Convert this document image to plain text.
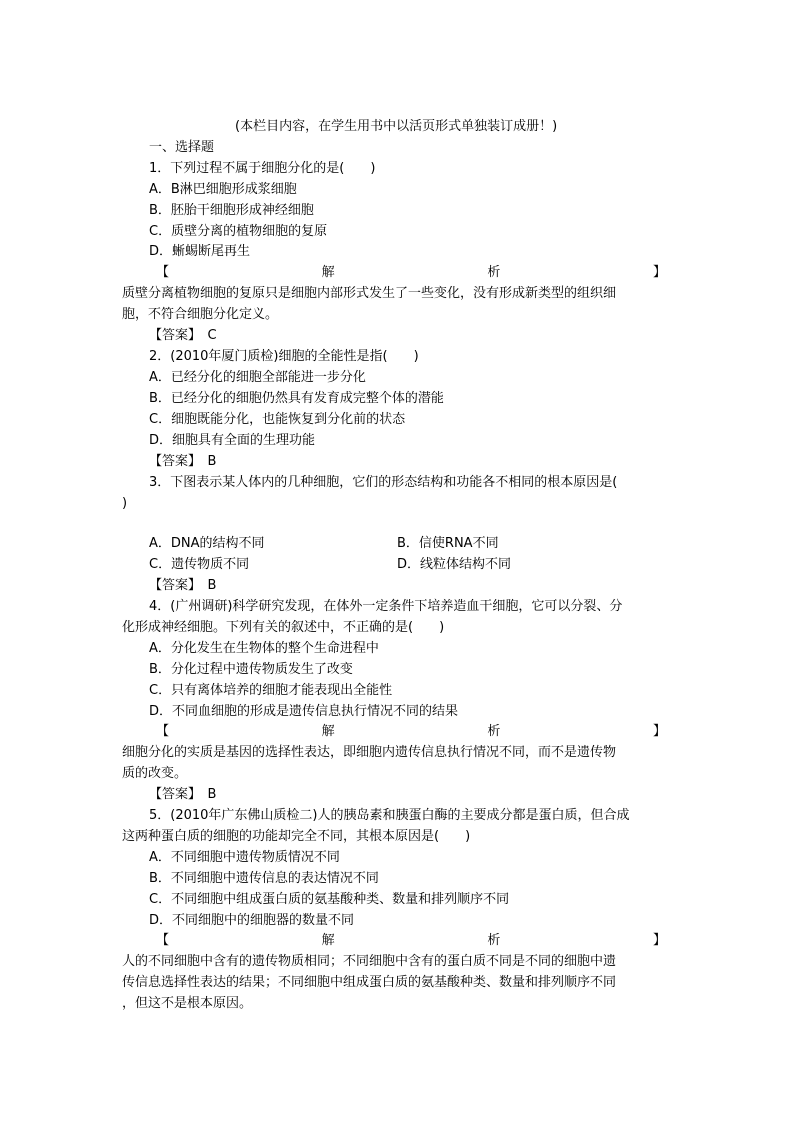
(本栏目内容，在学生用书中以活页形式单独装订成册！)
一、选择题
1．下列过程不属于细胞分化的是(　　)
A．B淋巴细胞形成浆细胞
B．胚胎干细胞形成神经细胞
C．质壁分离的植物细胞的复原
D．蜥蜴断尾再生
【	解	析	】
质壁分离植物细胞的复原只是细胞内部形式发生了一些变化，没有形成新类型的组织细
胞，不符合细胞分化定义。
【答案】　C
2．(2010年厦门质检)细胞的全能性是指(　　)
A．已经分化的细胞全部能进一步分化
B．已经分化的细胞仍然具有发育成完整个体的潜能
C．细胞既能分化，也能恢复到分化前的状态
D．细胞具有全面的生理功能
【答案】　B
3．下图表示某人体内的几种细胞，它们的形态结构和功能各不相同的根本原因是(
)
A．DNA的结构不同	B．信使RNA不同
C．遗传物质不同	D．线粒体结构不同
【答案】　B
4．(广州调研)科学研究发现，在体外一定条件下培养造血干细胞，它可以分裂、分
化形成神经细胞。下列有关的叙述中，不正确的是(　　)
A．分化发生在生物体的整个生命进程中
B．分化过程中遗传物质发生了改变
C．只有离体培养的细胞才能表现出全能性
D．不同血细胞的形成是遗传信息执行情况不同的结果
【	解	析	】
细胞分化的实质是基因的选择性表达，即细胞内遗传信息执行情况不同，而不是遗传物
质的改变。
【答案】　B
5．(2010年广东佛山质检二)人的胰岛素和胰蛋白酶的主要成分都是蛋白质，但合成
这两种蛋白质的细胞的功能却完全不同，其根本原因是(　　)
A．不同细胞中遗传物质情况不同
B．不同细胞中遗传信息的表达情况不同
C．不同细胞中组成蛋白质的氨基酸种类、数量和排列顺序不同
D．不同细胞中的细胞器的数量不同
【	解	析	】
人的不同细胞中含有的遗传物质相同；不同细胞中含有的蛋白质不同是不同的细胞中遗
传信息选择性表达的结果；不同细胞中组成蛋白质的氨基酸种类、数量和排列顺序不同
，但这不是根本原因。
